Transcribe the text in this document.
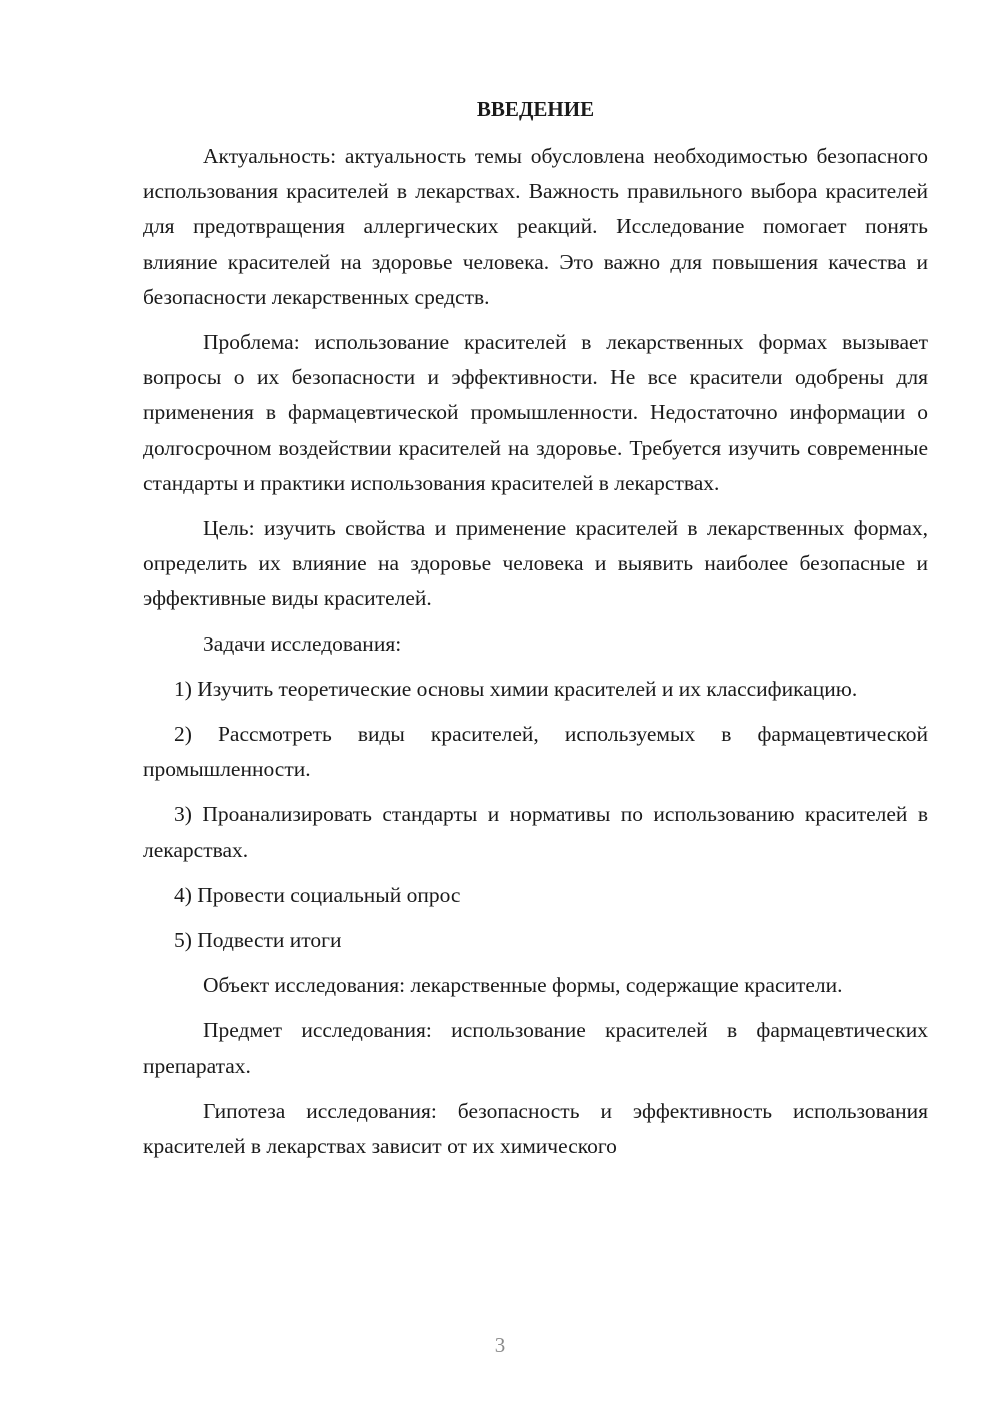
ВВЕДЕНИЕ

Актуальность: актуальность темы обусловлена необходимостью безопасного использования красителей в лекарствах. Важность правильного выбора красителей для предотвращения аллергических реакций. Исследование помогает понять влияние красителей на здоровье человека. Это важно для повышения качества и безопасности лекарственных средств.

Проблема: использование красителей в лекарственных формах вызывает вопросы о их безопасности и эффективности. Не все красители одобрены для применения в фармацевтической промышленности. Недостаточно информации о долгосрочном воздействии красителей на здоровье. Требуется изучить современные стандарты и практики использования красителей в лекарствах.

Цель: изучить свойства и применение красителей в лекарственных формах, определить их влияние на здоровье человека и выявить наиболее безопасные и эффективные виды красителей.

Задачи исследования:

1) Изучить теоретические основы химии красителей и их классификацию.

2) Рассмотреть виды красителей, используемых в фармацевтической промышленности.

3) Проанализировать стандарты и нормативы по использованию красителей в лекарствах.

4) Провести социальный опрос

5) Подвести итоги

Объект исследования: лекарственные формы, содержащие красители.

Предмет исследования: использование красителей в фармацевтических препаратах.

Гипотеза исследования: безопасность и эффективность использования красителей в лекарствах зависит от их химического

3
